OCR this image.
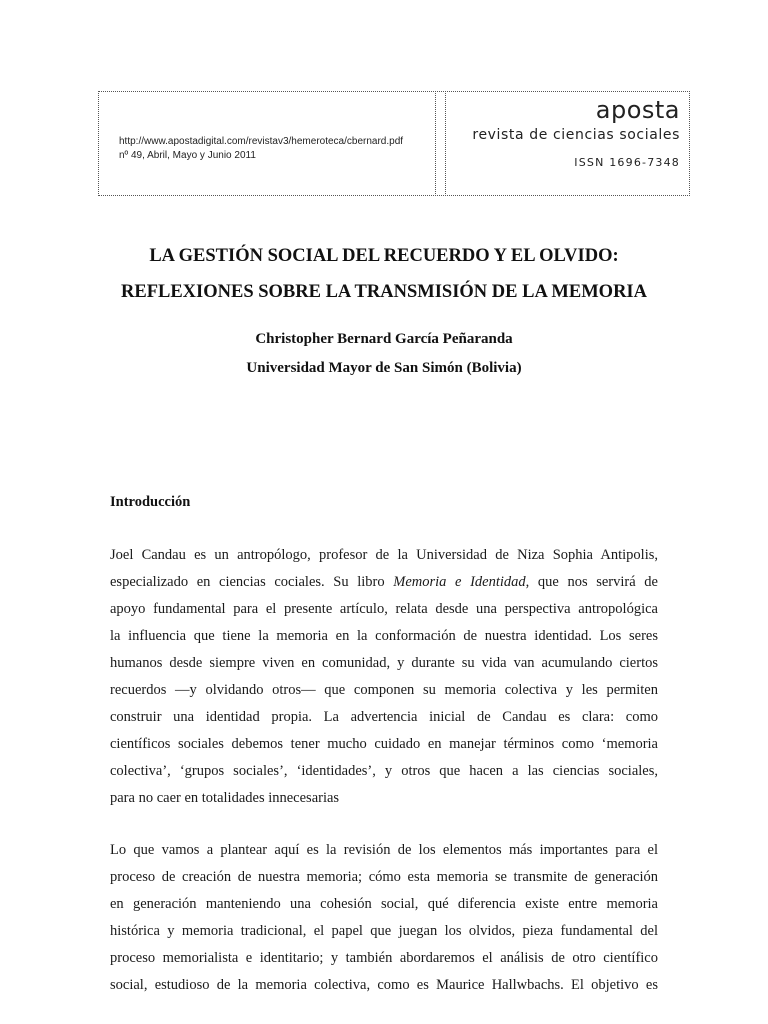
http://www.apostadigital.com/revistav3/hemeroteca/cbernard.pdf
nº 49, Abril, Mayo y Junio 2011
aposta
revista de ciencias sociales
ISSN 1696-7348
LA GESTIÓN SOCIAL DEL RECUERDO Y EL OLVIDO:
REFLEXIONES SOBRE LA TRANSMISIÓN DE LA MEMORIA
Christopher Bernard García Peñaranda
Universidad Mayor de San Simón (Bolivia)
Introducción
Joel Candau es un antropólogo, profesor de la Universidad de Niza Sophia Antipolis,
especializado en ciencias cociales. Su libro Memoria e Identidad, que nos servirá de
apoyo fundamental para el presente artículo, relata desde una perspectiva antropológica
la influencia que tiene la memoria en la conformación de nuestra identidad. Los seres
humanos desde siempre viven en comunidad, y durante su vida van acumulando ciertos
recuerdos —y olvidando otros— que componen su memoria colectiva y les permiten
construir una identidad propia. La advertencia inicial de Candau es clara: como
científicos sociales debemos tener mucho cuidado en manejar términos como ‘memoria
colectiva’, ‘grupos sociales’, ‘identidades’, y otros que hacen a las ciencias sociales,
para no caer en totalidades innecesarias
Lo que vamos a plantear aquí es la revisión de los elementos más importantes para el
proceso de creación de nuestra memoria; cómo esta memoria se transmite de generación
en generación manteniendo una cohesión social, qué diferencia existe entre memoria
histórica y memoria tradicional, el papel que juegan los olvidos, pieza fundamental del
proceso memorialista e identitario; y también abordaremos el análisis de otro científico
social, estudioso de la memoria colectiva, como es Maurice Hallwbachs. El objetivo es
